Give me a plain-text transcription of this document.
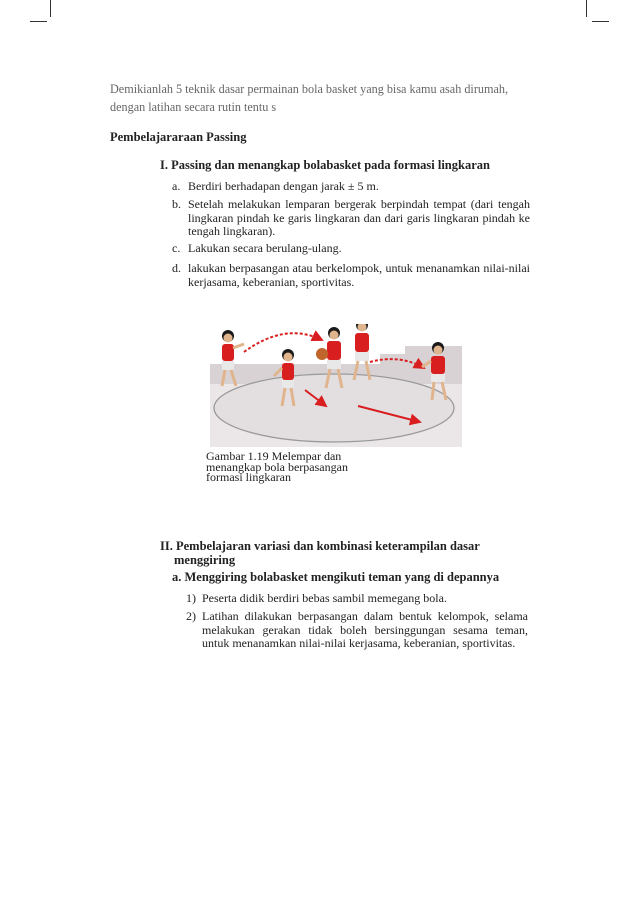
Demikianlah 5 teknik dasar permainan bola basket yang bisa kamu asah dirumah, dengan latihan secara rutin tentu s

Pembelajararaan Passing

I. Passing dan menangkap bolabasket pada formasi lingkaran

a. Berdiri berhadapan dengan jarak ± 5 m.
b. Setelah melakukan lemparan bergerak berpindah tempat (dari tengah lingkaran pindah ke garis lingkaran dan dari garis lingkaran pindah ke tengah lingkaran).
c. Lakukan secara berulang-ulang.
d. lakukan berpasangan atau berkelompok, untuk menanamkan nilai-nilai kerjasama, keberanian, sportivitas.
Gambar 1.19 Melempar dan
menangkap bola berpasangan
formasi lingkaran

II. Pembelajaran variasi dan kombinasi keterampilan dasar menggiring

a. Menggiring bolabasket mengikuti teman yang di depannya

1) Peserta didik berdiri bebas sambil memegang bola.
2) Latihan dilakukan berpasangan dalam bentuk kelompok, selama melakukan gerakan tidak boleh bersinggungan sesama teman, untuk menanamkan nilai-nilai kerjasama, keberanian, sportivitas.
